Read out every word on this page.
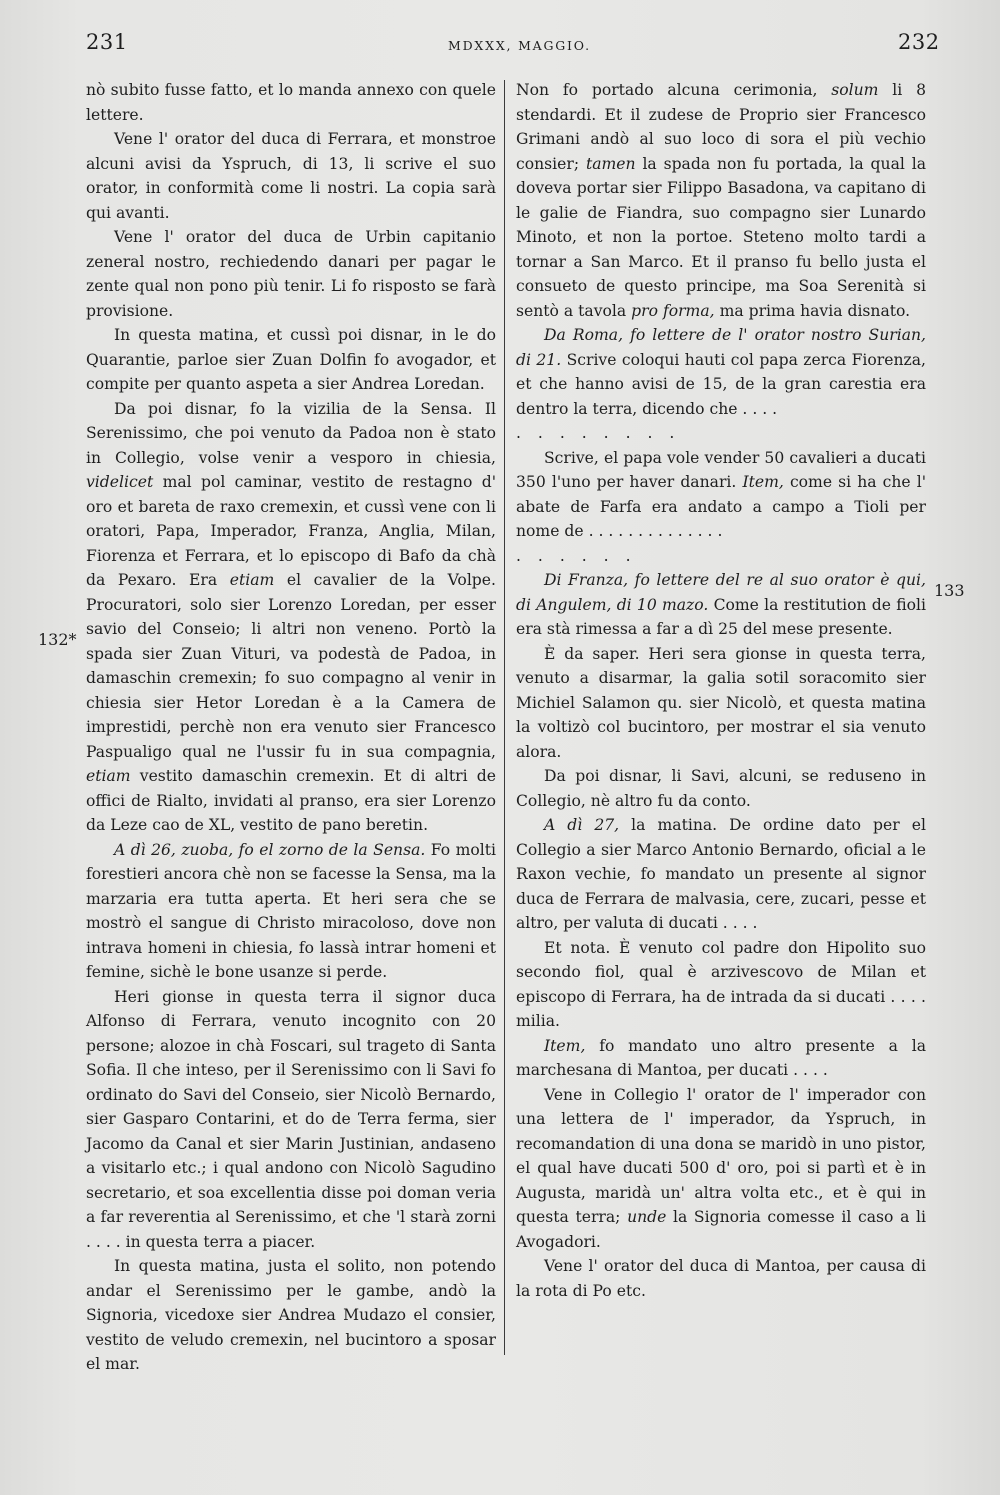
231	MDXXX, MAGGIO.	232
132*
133

nò subito fusse fatto, et lo manda annexo con quele lettere.

Vene l' orator del duca di Ferrara, et monstroe alcuni avisi da Yspruch, di 13, li scrive el suo orator, in conformità come li nostri. La copia sarà qui avanti.

Vene l' orator del duca de Urbin capitanio zeneral nostro, rechiedendo danari per pagar le zente qual non pono più tenir. Li fo risposto se farà provisione.

In questa matina, et cussì poi disnar, in le do Quarantie, parloe sier Zuan Dolfin fo avogador, et compite per quanto aspeta a sier Andrea Loredan.

Da poi disnar, fo la vizilia de la Sensa. Il Serenissimo, che poi venuto da Padoa non è stato in Collegio, volse venir a vesporo in chiesia, videlicet mal pol caminar, vestito de restagno d' oro et bareta de raxo cremexin, et cussì vene con li oratori, Papa, Imperador, Franza, Anglia, Milan, Fiorenza et Ferrara, et lo episcopo di Bafo da chà da Pexaro. Era etiam el cavalier de la Volpe. Procuratori, solo sier Lorenzo Loredan, per esser savio del Conseio; li altri non veneno. Portò la spada sier Zuan Vituri, va podestà de Padoa, in damaschin cremexin; fo suo compagno al venir in chiesia sier Hetor Loredan è a la Camera de imprestidi, perchè non era venuto sier Francesco Paspualigo qual ne l'ussir fu in sua compagnia, etiam vestito damaschin cremexin. Et di altri de offici de Rialto, invidati al pranso, era sier Lorenzo da Leze cao de XL, vestito de pano beretin.

A dì 26, zuoba, fo el zorno de la Sensa. Fo molti forestieri ancora chè non se facesse la Sensa, ma la marzaria era tutta aperta. Et heri sera che se mostrò el sangue di Christo miracoloso, dove non intrava homeni in chiesia, fo lassà intrar homeni et femine, sichè le bone usanze si perde.

Heri gionse in questa terra il signor duca Alfonso di Ferrara, venuto incognito con 20 persone; alozoe in chà Foscari, sul trageto di Santa Sofia. Il che inteso, per il Serenissimo con li Savi fo ordinato do Savi del Conseio, sier Nicolò Bernardo, sier Gasparo Contarini, et do de Terra ferma, sier Jacomo da Canal et sier Marin Justinian, andaseno a visitarlo etc.; i qual andono con Nicolò Sagudino secretario, et soa excellentia disse poi doman veria a far reverentia al Serenissimo, et che 'l starà zorni . . . . in questa terra a piacer.

In questa matina, justa el solito, non potendo andar el Serenissimo per le gambe, andò la Signoria, vicedoxe sier Andrea Mudazo el consier, vestito de veludo cremexin, nel bucintoro a sposar el mar.

Non fo portado alcuna cerimonia, solum li 8 stendardi. Et il zudese de Proprio sier Francesco Grimani andò al suo loco di sora el più vechio consier; tamen la spada non fu portada, la qual la doveva portar sier Filippo Basadona, va capitano di le galie de Fiandra, suo compagno sier Lunardo Minoto, et non la portoe. Steteno molto tardi a tornar a San Marco. Et il pranso fu bello justa el consueto de questo principe, ma Soa Serenità si sentò a tavola pro forma, ma prima havia disnato.

Da Roma, fo lettere de l' orator nostro Surian, di 21. Scrive coloqui hauti col papa zerca Fiorenza, et che hanno avisi de 15, de la gran carestia era dentro la terra, dicendo che . . . .

. . . . . . . .

Scrive, el papa vole vender 50 cavalieri a ducati 350 l'uno per haver danari. Item, come si ha che l' abate de Farfa era andato a campo a Tioli per nome de . . . . . . . . . . . . . .

. . . . . .

Di Franza, fo lettere del re al suo orator è qui, di Angulem, di 10 mazo. Come la restitution de fioli era stà rimessa a far a dì 25 del mese presente.

È da saper. Heri sera gionse in questa terra, venuto a disarmar, la galia sotil soracomito sier Michiel Salamon qu. sier Nicolò, et questa matina la voltizò col bucintoro, per mostrar el sia venuto alora.

Da poi disnar, li Savi, alcuni, se reduseno in Collegio, nè altro fu da conto.

A dì 27, la matina. De ordine dato per el Collegio a sier Marco Antonio Bernardo, oficial a le Raxon vechie, fo mandato un presente al signor duca de Ferrara de malvasia, cere, zucari, pesse et altro, per valuta di ducati . . . .

Et nota. È venuto col padre don Hipolito suo secondo fiol, qual è arzivescovo de Milan et episcopo di Ferrara, ha de intrada da si ducati . . . . milia.

Item, fo mandato uno altro presente a la marchesana di Mantoa, per ducati . . . .

Vene in Collegio l' orator de l' imperador con una lettera de l' imperador, da Yspruch, in recomandation di una dona se maridò in uno pistor, el qual have ducati 500 d' oro, poi si partì et è in Augusta, maridà un' altra volta etc., et è qui in questa terra; unde la Signoria comesse il caso a li Avogadori.

Vene l' orator del duca di Mantoa, per causa di la rota di Po etc.
